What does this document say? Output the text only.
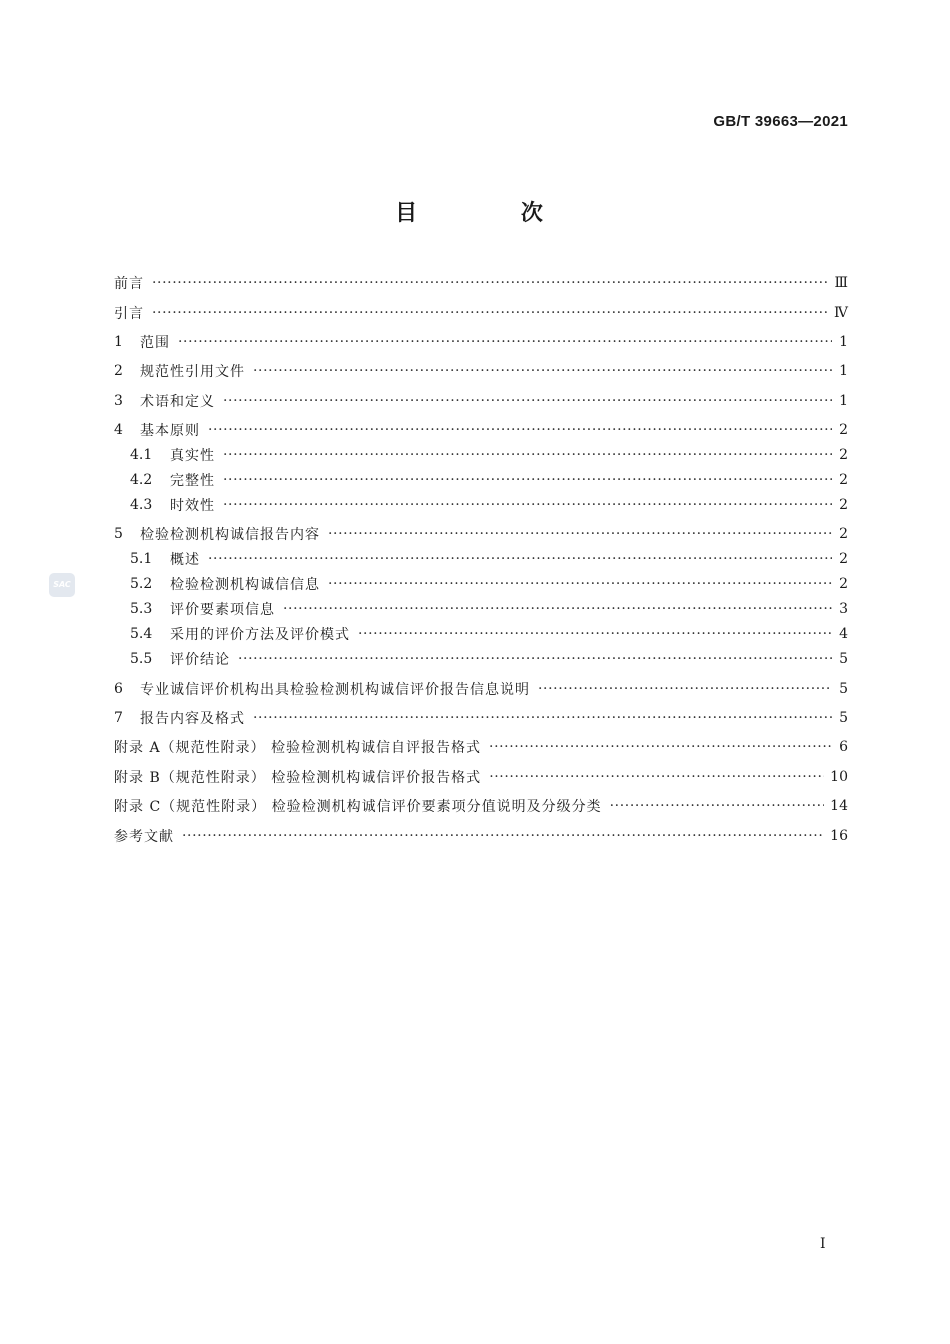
GB/T 39663—2021
目 次
SAC
前言 ·····	Ⅲ
引言 ·····	Ⅳ
1	范围 ·····	1
2	规范性引用文件 ·····	1
3	术语和定义 ·····	1
4	基本原则 ·····	2
4.1	真实性 ·····	2
4.2	完整性 ·····	2
4.3	时效性 ·····	2
5	检验检测机构诚信报告内容 ·····	2
5.1	概述 ·····	2
5.2	检验检测机构诚信信息 ·····	2
5.3	评价要素项信息 ·····	3
5.4	采用的评价方法及评价模式 ·····	4
5.5	评价结论 ·····	5
6	专业诚信评价机构出具检验检测机构诚信评价报告信息说明 ·····	5
7	报告内容及格式 ·····	5
附录 A（规范性附录） 检验检测机构诚信自评报告格式 ·····	6
附录 B（规范性附录） 检验检测机构诚信评价报告格式 ·····	10
附录 C（规范性附录） 检验检测机构诚信评价要素项分值说明及分级分类 ·····	14
参考文献 ·····	16
Ⅰ
